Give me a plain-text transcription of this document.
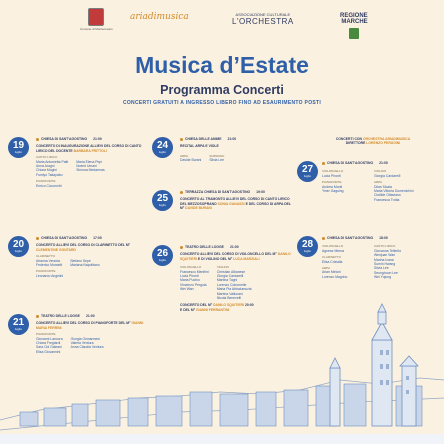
Comune di Montecosaro
ariadimusica	ASSOCIAZIONE CULTURALE
L'ORCHESTRA
REGIONE
MARCHE
Musica d’Estate
Programma Concerti
CONCERTI GRATUITI A INGRESSO LIBERO FINO AD ESAURIMENTO POSTI
19
luglio
CHIESA DI SANT'AGOSTINO 21:00
CONCERTO DI INAUGURAZIONE ALLIEVI DEL CORSO DI CANTO LIRICO DEL DOCENTE BARBARA FRITTOLI
CANTO LIRICO
Maria Antonietta Patti
Anna Aragni
Chiara Mogini
Fumiyo Takayabu
Maria Elena Pepi
Noemi Umani
Simona Medarmas
PIANOFORTE
Enrico Cicconofri
24
luglio
CHIESA DELLE ANIME 21:00
RECITAL ARPA E VIOLE
ARPA
Davide Burani
SOPRANO
Silvia Lee
25
luglio
TERRAZZA CHIESA DI SANT'AGOSTINO 19:00
CONCERTO AL TRAMONTO ALLIEVI DEL CORSO DI CANTO LIRICO DEL MEZZOSOPRANO SONIA GANASSI E DEL CORSO DI ARPA DEL M° DAVIDE BURANI
20
luglio
CHIESA DI SANT'AGOSTINO 17:00
CONCERTO ALLIEVI DEL CORSO DI CLARINETTO DEL M° CLEMENTINE GONTARD
CLARINETTO
Arianna Verzola
Federico Morsetti
Stefano Sepe
Mariana Napolitano
PIANOFORTE
Leonardo Angelini
21
luglio
TEATRO DELLE LOGGE 21:00
CONCERTO ALLIEVI DEL CORSO DI PIANOFORTE DEL M° GIANNI MARIA FERRINI
PIANOFORTE
Giovanni Lancora
Chiara Fregiardi
Sara Cid Galeani
Elisa Giovannini
Giorgia Ginnarmesi
Valeria Ventura
Anna Claudia Ventura
26
luglio
TEATRO DELLE LOGGE 21:00
CONCERTO ALLIEVI DEL CORSO DI VIOLONCELLO DEL M° DANILO SQUITIERI E DI VIOLINO DEL M° LUCA MARZIALI
VIOLONCELLO
Francesco Menfrini
Lucia Pironti
Maria Pucino
Vincenzo Pergola
Wei Wan
VIOLINO
Christian Albanese
Giorgia Cardarelli
Martina Togni
Lorenzo Cobornelle
Maria Pia Abbalumuzia
Martina Vallucani
Nicola Benevelli
CONCERTO DEL M° DANILO SQUITIERI 20:00
E DEL M° GIANNI FERRANTINI
CONCERTI CON ORCHESTRA ARIADIMUSICA
DIRETTORE LORENZO PERUGINI
27
luglio
CHIESA DI SANT'AGOSTINO 21:00
VIOLONCELLO
Lucia Pironti
PIANOFORTE
Andrea Monti
Yiner Gaguing
VIOLINO
Giorgia Cardarelli
ARPA
Dilan Sicala
Maria Vittoria Domenichini
Clotilde Ottaviano
Francesca Trotta
28
luglio
CHIESA DI SANT'AGOSTINO 18:00
VIOLONCELLO
Agnese Merna
CLARINETTO
Elisa Crizialla
ARPA
Arian Meloni
Lorenzo Magrino
CANTO LIRICO
Giovanna Tellerito
Wenjuan Wan
Marina Ivana
Sumin Hwang
Silvia Lee
Seunghoon Lee
Wei Yujung
